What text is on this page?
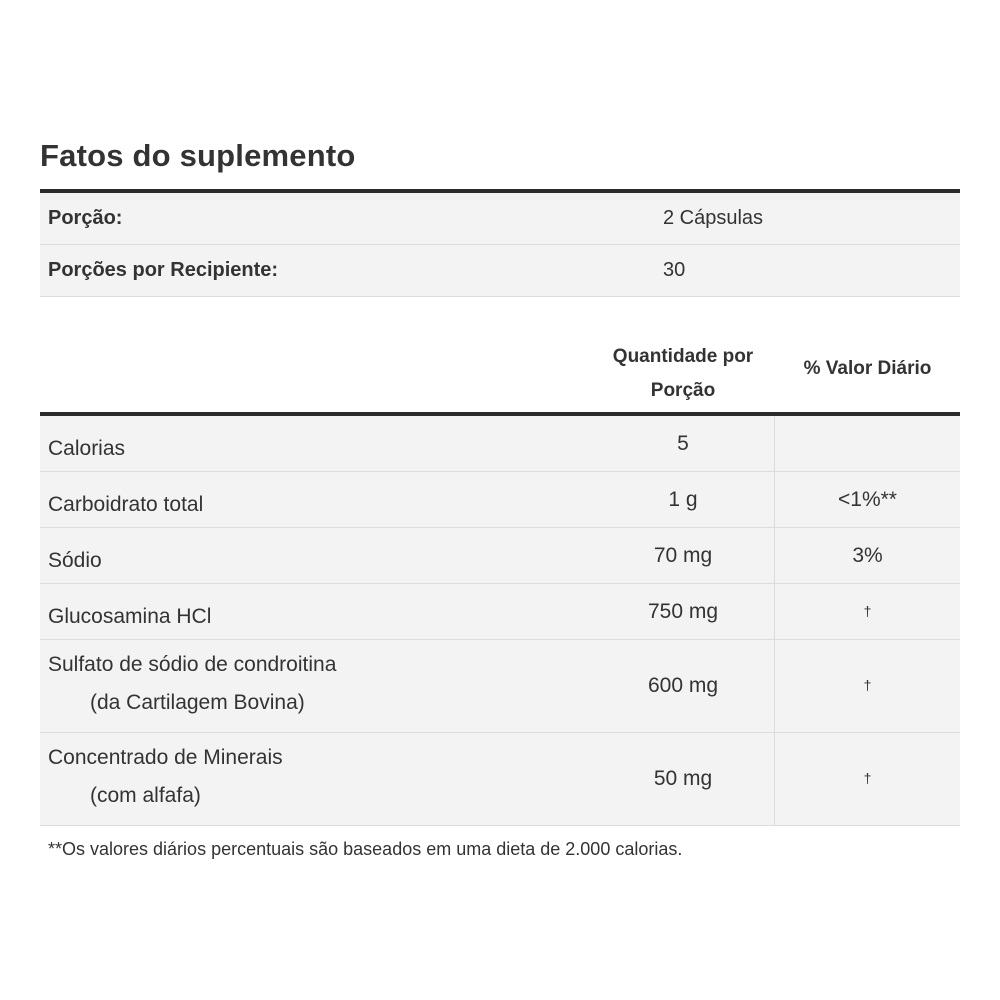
Fatos do suplemento
Porção:	2 Cápsulas
Porções por Recipiente:	30
Quantidade por
Porção
% Valor Diário
Calorias	5
Carboidrato total	1 g	<1%**
Sódio	70 mg	3%
Glucosamina HCl	750 mg	†
Sulfato de sódio de condroitina
(da Cartilagem Bovina)
600 mg	†
Concentrado de Minerais
(com alfafa)
50 mg	†
**Os valores diários percentuais são baseados em uma dieta de 2.000 calorias.
